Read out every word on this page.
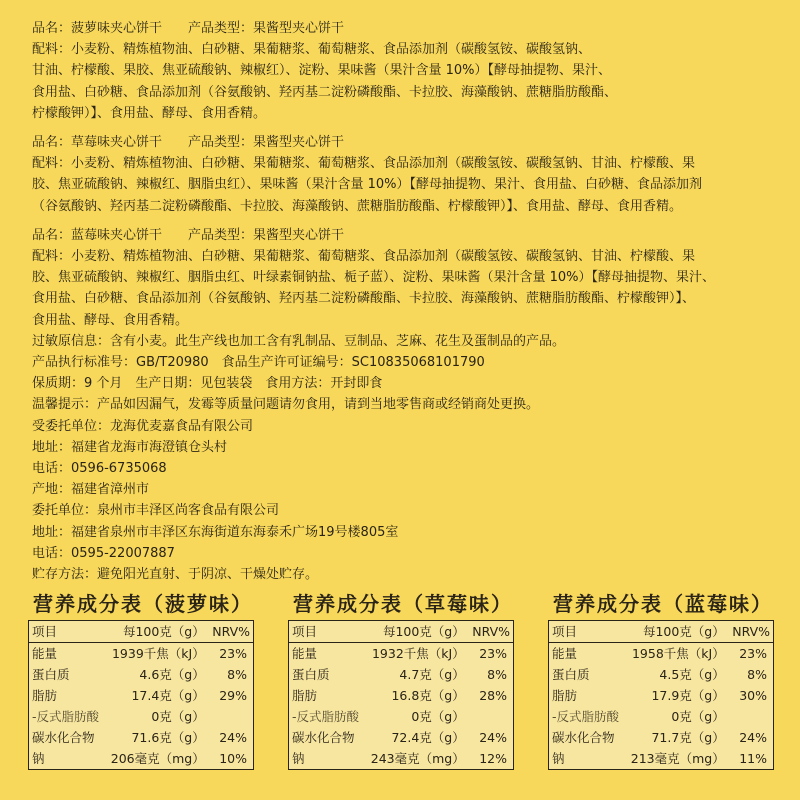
品名：菠萝味夹心饼干　　产品类型：果酱型夹心饼干
配料：小麦粉、精炼植物油、白砂糖、果葡糖浆、葡萄糖浆、食品添加剂（碳酸氢铵、碳酸氢钠、
甘油、柠檬酸、果胶、焦亚硫酸钠、辣椒红）、淀粉、果味酱（果汁含量 10%）【酵母抽提物、果汁、
食用盐、白砂糖、食品添加剂（谷氨酸钠、羟丙基二淀粉磷酸酯、卡拉胶、海藻酸钠、蔗糖脂肪酸酯、
柠檬酸钾）】、食用盐、酵母、食用香精。
品名：草莓味夹心饼干　　产品类型：果酱型夹心饼干
配料：小麦粉、精炼植物油、白砂糖、果葡糖浆、葡萄糖浆、食品添加剂（碳酸氢铵、碳酸氢钠、甘油、柠檬酸、果
胶、焦亚硫酸钠、辣椒红、胭脂虫红）、果味酱（果汁含量 10%）【酵母抽提物、果汁、食用盐、白砂糖、食品添加剂
（谷氨酸钠、羟丙基二淀粉磷酸酯、卡拉胶、海藻酸钠、蔗糖脂肪酸酯、柠檬酸钾）】、食用盐、酵母、食用香精。
品名：蓝莓味夹心饼干　　产品类型：果酱型夹心饼干
配料：小麦粉、精炼植物油、白砂糖、果葡糖浆、葡萄糖浆、食品添加剂（碳酸氢铵、碳酸氢钠、甘油、柠檬酸、果
胶、焦亚硫酸钠、辣椒红、胭脂虫红、叶绿素铜钠盐、栀子蓝）、淀粉、果味酱（果汁含量 10%）【酵母抽提物、果汁、
食用盐、白砂糖、食品添加剂（谷氨酸钠、羟丙基二淀粉磷酸酯、卡拉胶、海藻酸钠、蔗糖脂肪酸酯、柠檬酸钾）】、
食用盐、酵母、食用香精。
过敏原信息：含有小麦。此生产线也加工含有乳制品、豆制品、芝麻、花生及蛋制品的产品。
产品执行标准号：GB/T20980　食品生产许可证编号：SC10835068101790
保质期：9 个月　生产日期：见包装袋　食用方法：开封即食
温馨提示：产品如因漏气，发霉等质量问题请勿食用，请到当地零售商或经销商处更换。
受委托单位：龙海优麦嘉食品有限公司
地址：福建省龙海市海澄镇仓头村
电话：0596-6735068
产地：福建省漳州市
委托单位：泉州市丰泽区尚客食品有限公司
地址：福建省泉州市丰泽区东海街道东海泰禾广场19号楼805室
电话：0595-22007887
贮存方法：避免阳光直射、于阴凉、干燥处贮存。
营养成分表（菠萝味）
项目	每100克（g）	NRV%
能量	1939千焦（kJ）	23%
蛋白质	4.6克（g）	8%
脂肪	17.4克（g）	29%
-反式脂肪酸	0克（g）	
碳水化合物	71.6克（g）	24%
钠	206毫克（mg）	10%
营养成分表（草莓味）
项目	每100克（g）	NRV%
能量	1932千焦（kJ）	23%
蛋白质	4.7克（g）	8%
脂肪	16.8克（g）	28%
-反式脂肪酸	0克（g）	
碳水化合物	72.4克（g）	24%
钠	243毫克（mg）	12%
营养成分表（蓝莓味）
项目	每100克（g）	NRV%
能量	1958千焦（kJ）	23%
蛋白质	4.5克（g）	8%
脂肪	17.9克（g）	30%
-反式脂肪酸	0克（g）	
碳水化合物	71.7克（g）	24%
钠	213毫克（mg）	11%
